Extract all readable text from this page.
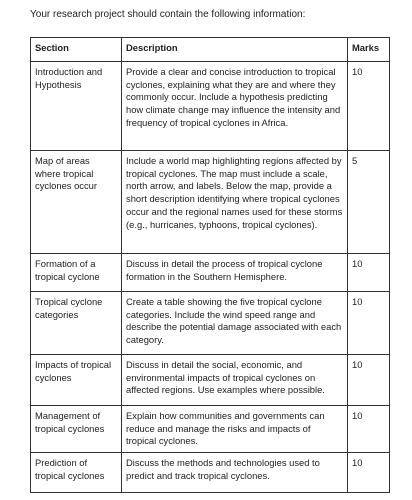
Your research project should contain the following information:
Section	Description	Marks
Introduction and Hypothesis	Provide a clear and concise introduction to tropical cyclones, explaining what they are and where they commonly occur. Include a hypothesis predicting how climate change may influence the intensity and frequency of tropical cyclones in Africa.	10
Map of areas where tropical cyclones occur	Include a world map highlighting regions affected by tropical cyclones. The map must include a scale, north arrow, and labels. Below the map, provide a short description identifying where tropical cyclones occur and the regional names used for these storms (e.g., hurricanes, typhoons, tropical cyclones).	5
Formation of a tropical cyclone	Discuss in detail the process of tropical cyclone formation in the Southern Hemisphere.	10
Tropical cyclone categories	Create a table showing the five tropical cyclone categories. Include the wind speed range and describe the potential damage associated with each category.	10
Impacts of tropical cyclones	Discuss in detail the social, economic, and environmental impacts of tropical cyclones on affected regions. Use examples where possible.	10
Management of tropical cyclones	Explain how communities and governments can reduce and manage the risks and impacts of tropical cyclones.	10
Prediction of tropical cyclones	Discuss the methods and technologies used to predict and track tropical cyclones.	10
